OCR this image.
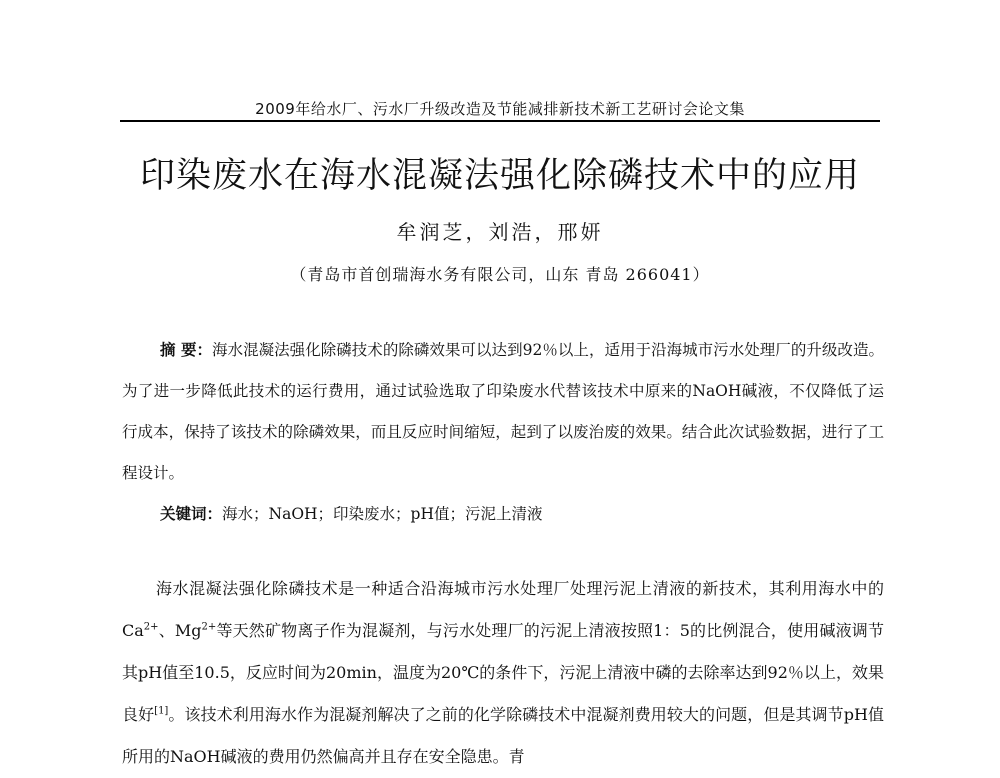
2009年给水厂、污水厂升级改造及节能减排新技术新工艺研讨会论文集
印染废水在海水混凝法强化除磷技术中的应用
牟润芝，刘浩，邢妍
（青岛市首创瑞海水务有限公司，山东 青岛 266041）

摘 要：海水混凝法强化除磷技术的除磷效果可以达到92％以上，适用于沿海城市污水处理厂的升级改造。为了进一步降低此技术的运行费用，通过试验选取了印染废水代替该技术中原来的NaOH碱液，不仅降低了运行成本，保持了该技术的除磷效果，而且反应时间缩短，起到了以废治废的效果。结合此次试验数据，进行了工程设计。

关键词：海水；NaOH；印染废水；pH值；污泥上清液

海水混凝法强化除磷技术是一种适合沿海城市污水处理厂处理污泥上清液的新技术，其利用海水中的$Ca^{2+}$、$Mg^{2+}$等天然矿物离子作为混凝剂，与污水处理厂的污泥上清液按照1：5的比例混合，使用碱液调节其pH值至10.5，反应时间为20min，温度为20℃的条件下，污泥上清液中磷的去除率达到92％以上，效果良好[1]。该技术利用海水作为混凝剂解决了之前的化学除磷技术中混凝剂费用较大的问题，但是其调节pH值所用的NaOH碱液的费用仍然偏高并且存在安全隐患。青
